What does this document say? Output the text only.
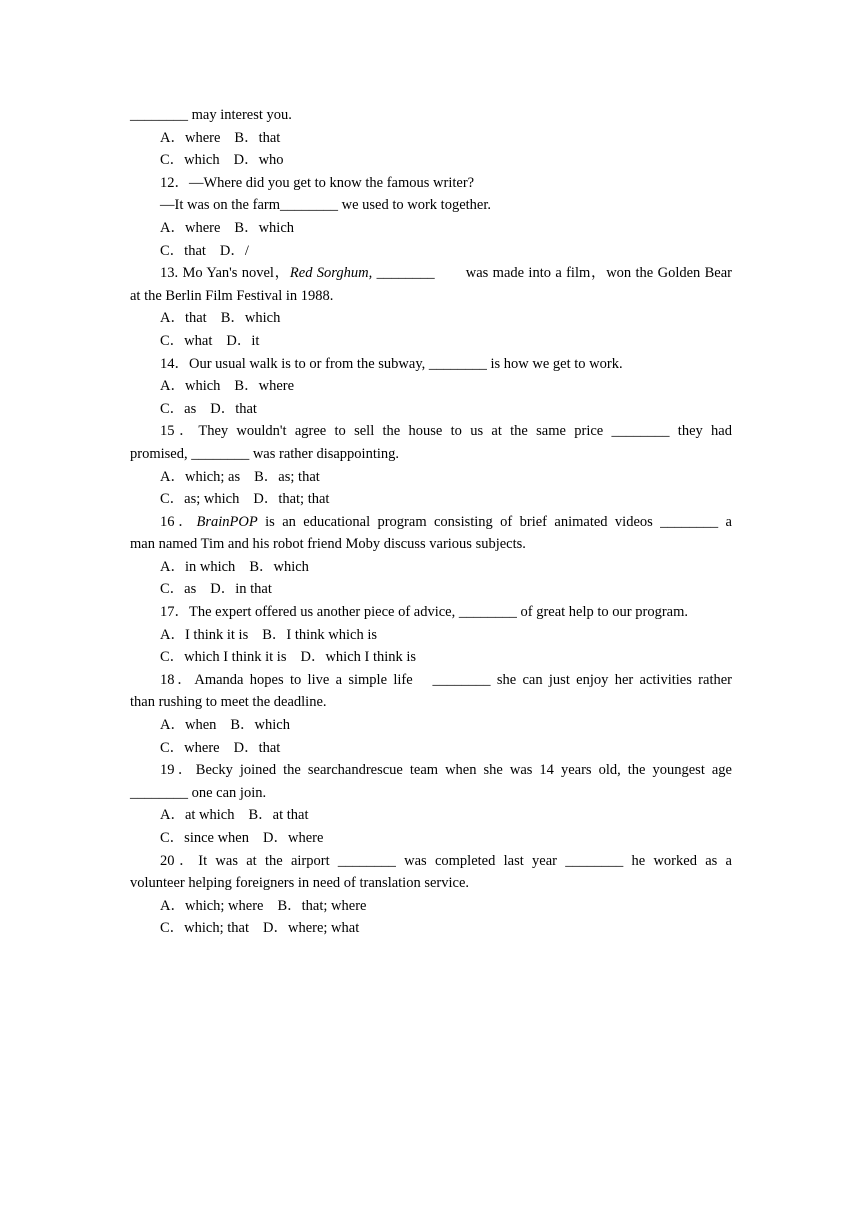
________ may interest you.
A．where B．that
C．which D．who
12．—Where did you get to know the famous writer?
—It was on the farm________ we used to work together.
A．where B．which
C．that D．/
13. Mo Yan's novel，Red Sorghum, ________　　was made into a film，won the Golden Bear
at the Berlin Film Festival in 1988.
A．that B．which
C．what D．it
14．Our usual walk is to or from the subway, ________ is how we get to work.
A．which B．where
C．as D．that
15．They wouldn't agree to sell the house to us at the same price ________ they had
promised, ________ was rather disappointing.
A．which; as B．as; that
C．as; which D．that; that
16．BrainPOP is an educational program consisting of brief animated videos ________ a
man named Tim and his robot friend Moby discuss various subjects.
A．in which B．which
C．as D．in that
17．The expert offered us another piece of advice, ________ of great help to our program.
A．I think it is B．I think which is
C．which I think it is D．which I think is
18．Amanda hopes to live a simple life　________ she can just enjoy her activities rather
than rushing to meet the deadline.
A．when B．which
C．where D．that
19．Becky joined the searchandrescue team when she was 14 years old, the youngest age
________ one can join.
A．at which B．at that
C．since when D．where
20．It was at the airport ________ was completed last year ________ he worked as a
volunteer helping foreigners in need of translation service.
A．which; where B．that; where
C．which; that D．where; what
